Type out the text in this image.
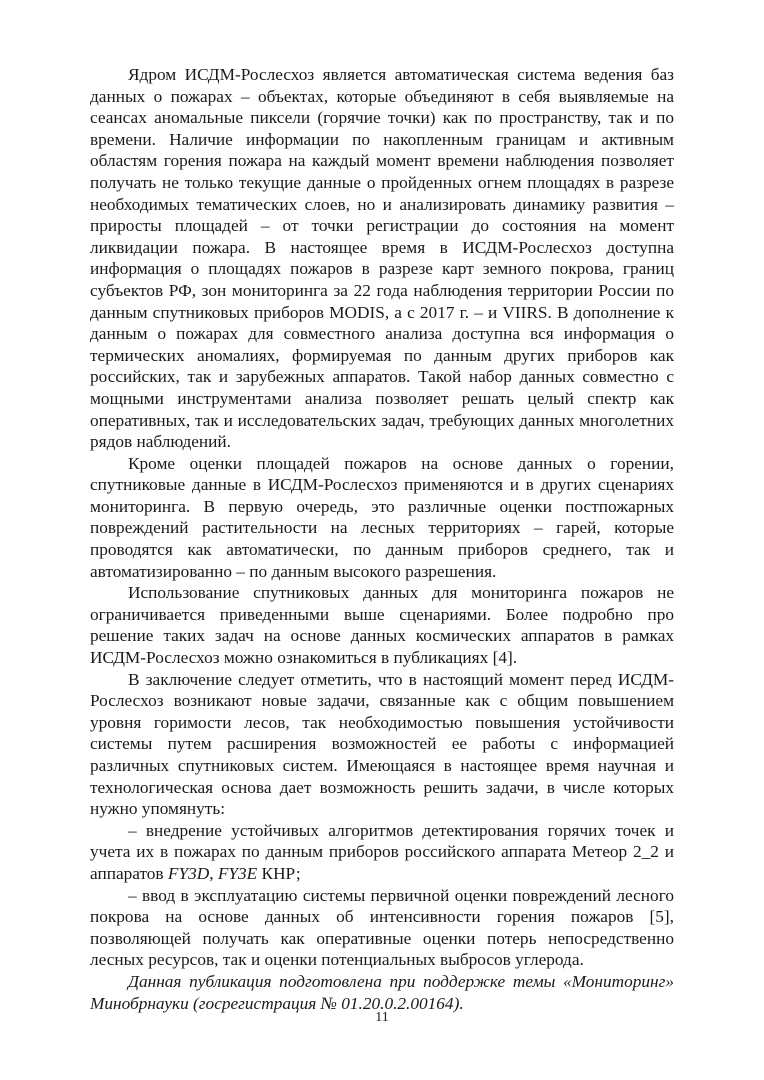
Ядром ИСДМ-Рослесхоз является автоматическая система ведения баз данных о пожарах – объектах, которые объединяют в себя выявляемые на сеансах аномальные пиксели (горячие точки) как по пространству, так и по времени. Наличие информации по накопленным границам и активным областям горения пожара на каждый момент времени наблюдения позволяет получать не только текущие данные о пройденных огнем площадях в разрезе необходимых тематических слоев, но и анализировать динамику развития – приросты площадей – от точки регистрации до состояния на момент ликвидации пожара. В настоящее время в ИСДМ-Рослесхоз доступна информация о площадях пожаров в разрезе карт земного покрова, границ субъектов РФ, зон мониторинга за 22 года наблюдения территории России по данным спутниковых приборов MODIS, а с 2017 г. – и VIIRS. В дополнение к данным о пожарах для совместного анализа доступна вся информация о термических аномалиях, формируемая по данным других приборов как российских, так и зарубежных аппаратов. Такой набор данных совместно с мощными инструментами анализа позволяет решать целый спектр как оперативных, так и исследовательских задач, требующих данных многолетних рядов наблюдений.

Кроме оценки площадей пожаров на основе данных о горении, спутниковые данные в ИСДМ-Рослесхоз применяются и в других сценариях мониторинга. В первую очередь, это различные оценки постпожарных повреждений растительности на лесных территориях – гарей, которые проводятся как автоматически, по данным приборов среднего, так и автоматизированно – по данным высокого разрешения.

Использование спутниковых данных для мониторинга пожаров не ограничивается приведенными выше сценариями. Более подробно про решение таких задач на основе данных космических аппаратов в рамках ИСДМ-Рослесхоз можно ознакомиться в публикациях [4].

В заключение следует отметить, что в настоящий момент перед ИСДМ-Рослесхоз возникают новые задачи, связанные как с общим повышением уровня горимости лесов, так необходимостью повышения устойчивости системы путем расширения возможностей ее работы с информацией различных спутниковых систем. Имеющаяся в настоящее время научная и технологическая основа дает возможность решить задачи, в числе которых нужно упомянуть:

– внедрение устойчивых алгоритмов детектирования горячих точек и учета их в пожарах по данным приборов российского аппарата Метеор 2_2 и аппаратов FY3D, FY3E КНР;

– ввод в эксплуатацию системы первичной оценки повреждений лесного покрова на основе данных об интенсивности горения пожаров [5], позволяющей получать как оперативные оценки потерь непосредственно лесных ресурсов, так и оценки потенциальных выбросов углерода.

Данная публикация подготовлена при поддержке темы «Мониторинг» Минобрнауки (госрегистрация № 01.20.0.2.00164).

11
